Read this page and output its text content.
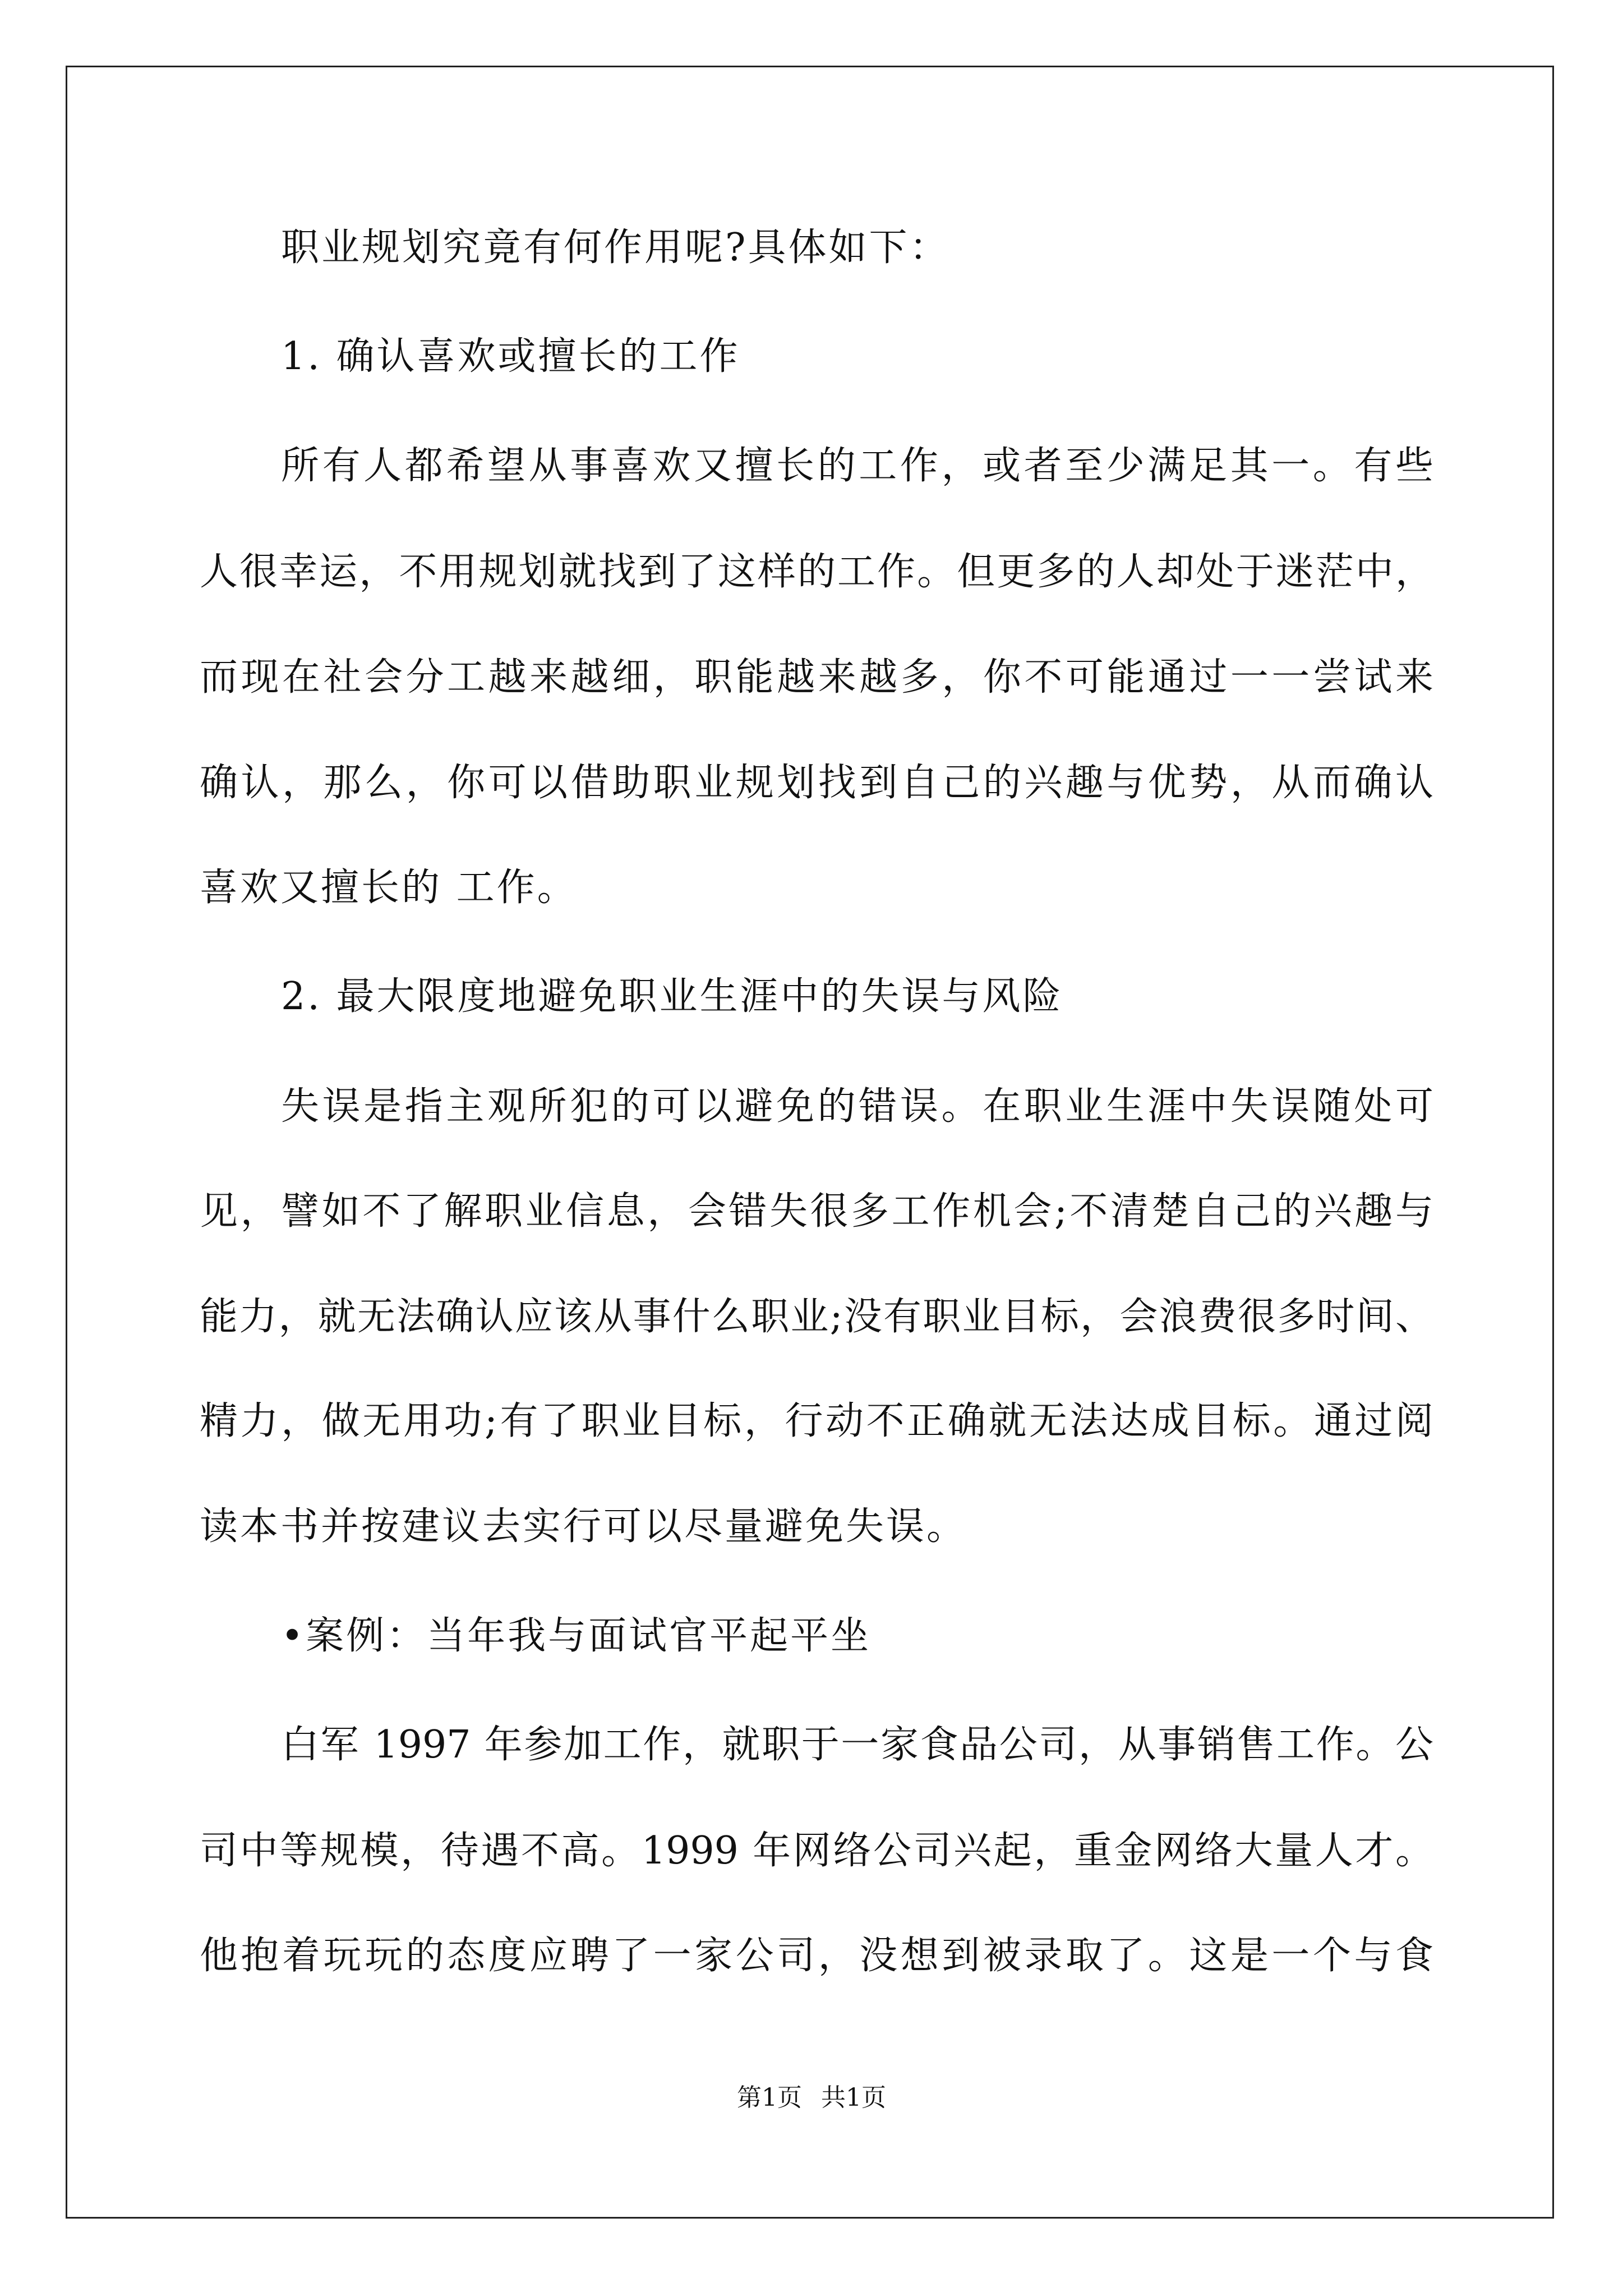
职业规划究竟有何作用呢?具体如下：
1. 确认喜欢或擅长的工作
所有人都希望从事喜欢又擅长的工作，或者至少满足其一。有些
人很幸运，不用规划就找到了这样的工作。但更多的人却处于迷茫中，
而现在社会分工越来越细，职能越来越多，你不可能通过一一尝试来
确认，那么，你可以借助职业规划找到自己的兴趣与优势，从而确认
喜欢又擅长的 工作。
2. 最大限度地避免职业生涯中的失误与风险
失误是指主观所犯的可以避免的错误。在职业生涯中失误随处可
见，譬如不了解职业信息，会错失很多工作机会;不清楚自己的兴趣与
能力，就无法确认应该从事什么职业;没有职业目标，会浪费很多时间、
精力，做无用功;有了职业目标，行动不正确就无法达成目标。通过阅
读本书并按建议去实行可以尽量避免失误。
•案例：当年我与面试官平起平坐
白军 1997 年参加工作，就职于一家食品公司，从事销售工作。公
司中等规模，待遇不高。1999 年网络公司兴起，重金网络大量人才。
他抱着玩玩的态度应聘了一家公司，没想到被录取了。这是一个与食
第1页 共1页
